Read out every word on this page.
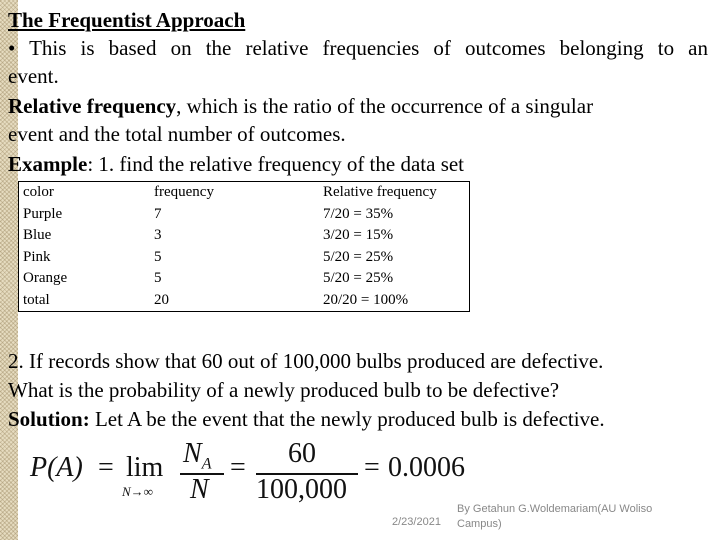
The Frequentist Approach
• This is based on the relative frequencies of outcomes belonging to an
event.
Relative frequency, which is the ratio of the occurrence of a singular
event and the total number of outcomes.
Example: 1. find the relative frequency of the data set
color	frequency	Relative frequency
Purple	7	7/20 = 35%
Blue	3	3/20 = 15%
Pink	5	5/20 = 25%
Orange	5	5/20 = 25%
total	20	20/20 = 100%
2. If records show that 60 out of 100,000 bulbs produced are defective.
What is the probability of a newly produced bulb to be defective?
Solution: Let A be the event that the newly produced bulb is defective.
P(A) = lim
N→∞
$N_A$
N
= 60
100,000
= 0.0006
2/23/2021
By Getahun G.Woldemariam(AU Woliso Campus)
